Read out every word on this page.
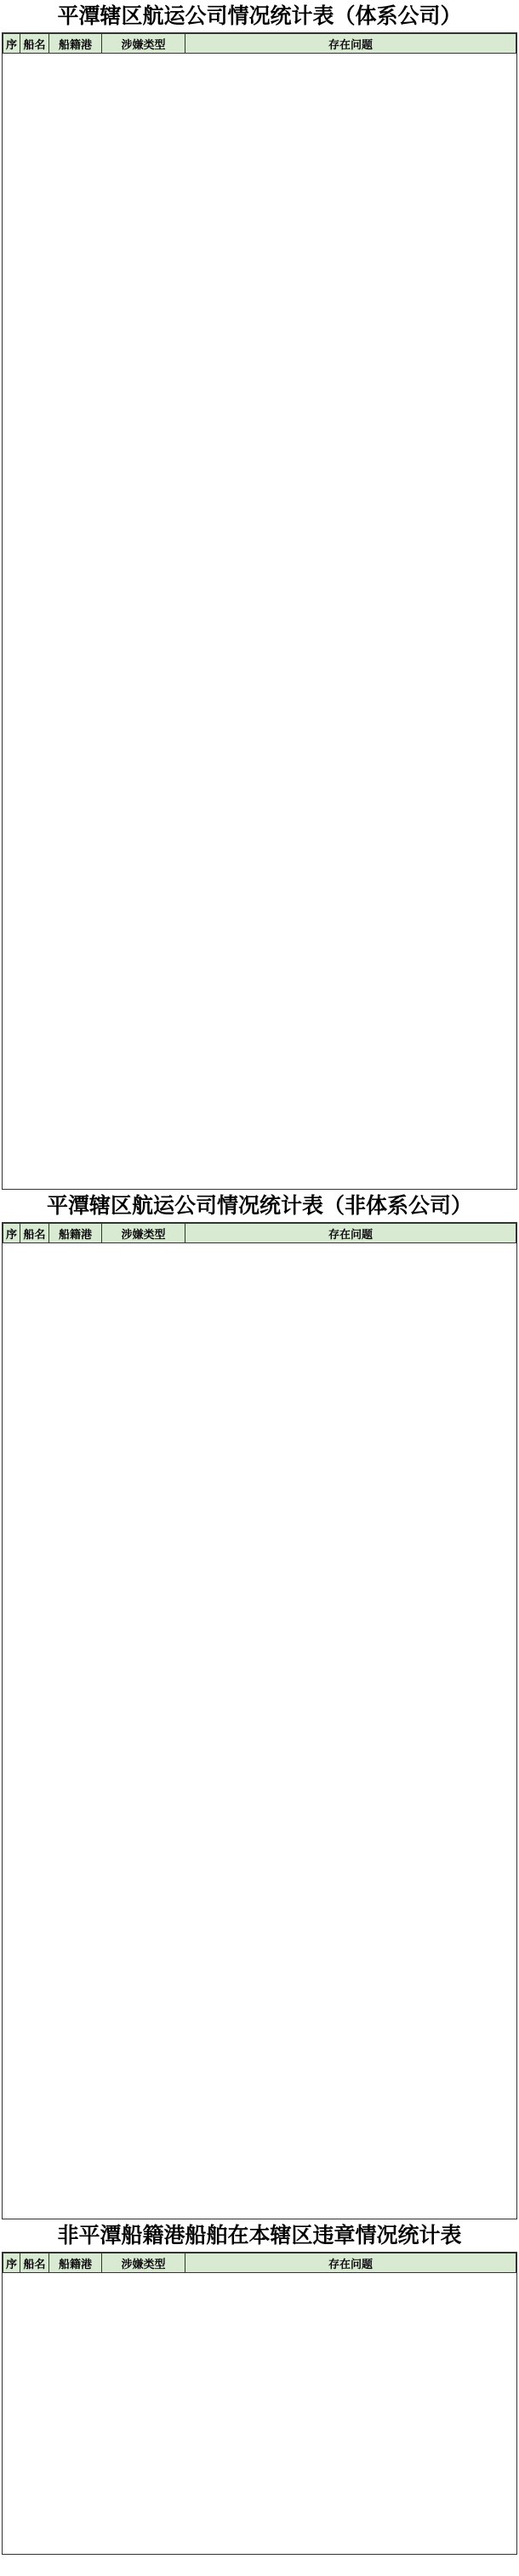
平潭辖区航运公司情况统计表（体系公司）
序	船名	船籍港	涉嫌类型	存在问题
平潭辖区航运公司情况统计表（非体系公司）
序	船名	船籍港	涉嫌类型	存在问题
非平潭船籍港船舶在本辖区违章情况统计表
序	船名	船籍港	涉嫌类型	存在问题
